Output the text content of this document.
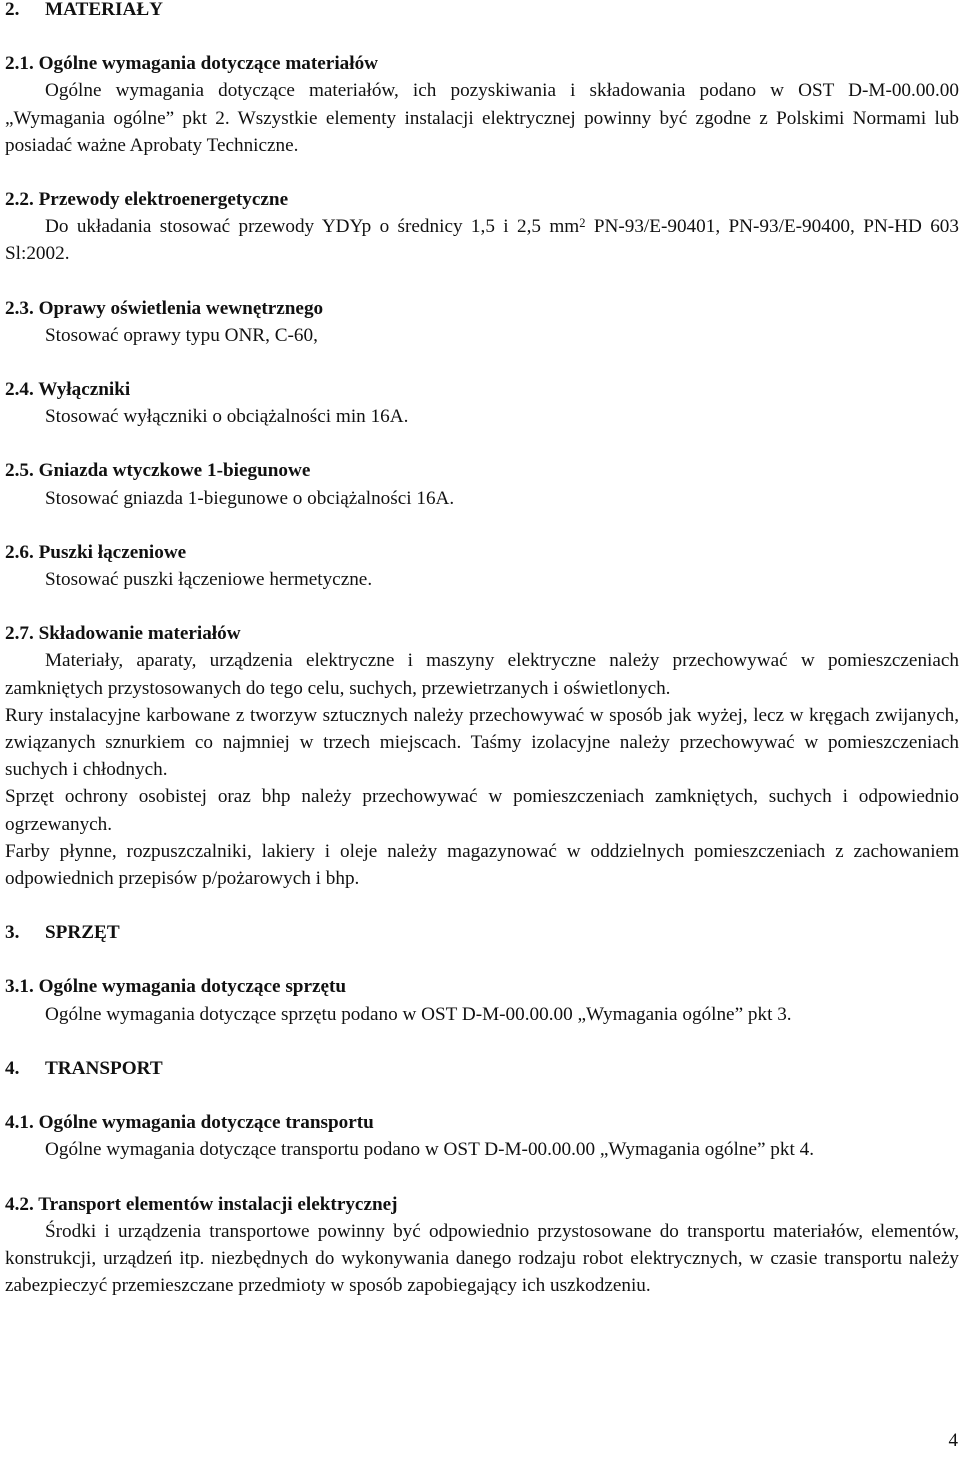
2. MATERIAŁY

2.1. Ogólne wymagania dotyczące materiałów

Ogólne wymagania dotyczące materiałów, ich pozyskiwania i składowania podano w OST D-M-00.00.00 „Wymagania ogólne” pkt 2. Wszystkie elementy instalacji elektrycznej powinny być zgodne z Polskimi Normami lub posiadać ważne Aprobaty Techniczne.

2.2. Przewody elektroenergetyczne

Do układania stosować przewody YDYp o średnicy 1,5 i 2,5 $mm^2$ PN-93/E-90401, PN-93/E-90400, PN-HD 603 Sl:2002.

2.3. Oprawy oświetlenia wewnętrznego

Stosować oprawy typu ONR, C-60,

2.4. Wyłączniki

Stosować wyłączniki o obciążalności min 16A.

2.5. Gniazda wtyczkowe 1-biegunowe

Stosować gniazda 1-biegunowe o obciążalności 16A.

2.6. Puszki łączeniowe

Stosować puszki łączeniowe hermetyczne.

2.7. Składowanie materiałów

Materiały, aparaty, urządzenia elektryczne i maszyny elektryczne należy przechowywać w pomieszczeniach zamkniętych przystosowanych do tego celu, suchych, przewietrzanych i oświetlonych.

Rury instalacyjne karbowane z tworzyw sztucznych należy przechowywać w sposób jak wyżej, lecz w kręgach zwijanych, związanych sznurkiem co najmniej w trzech miejscach. Taśmy izolacyjne należy przechowywać w pomieszczeniach suchych i chłodnych.

Sprzęt ochrony osobistej oraz bhp należy przechowywać w pomieszczeniach zamkniętych, suchych i odpowiednio ogrzewanych.

Farby płynne, rozpuszczalniki, lakiery i oleje należy magazynować w oddzielnych pomieszczeniach z zachowaniem odpowiednich przepisów p/pożarowych i bhp.

3. SPRZĘT

3.1. Ogólne wymagania dotyczące sprzętu

Ogólne wymagania dotyczące sprzętu podano w OST D-M-00.00.00 „Wymagania ogólne” pkt 3.

4. TRANSPORT

4.1. Ogólne wymagania dotyczące transportu

Ogólne wymagania dotyczące transportu podano w OST D-M-00.00.00 „Wymagania ogólne” pkt 4.

4.2. Transport elementów instalacji elektrycznej

Środki i urządzenia transportowe powinny być odpowiednio przystosowane do transportu materiałów, elementów, konstrukcji, urządzeń itp. niezbędnych do wykonywania danego rodzaju robot elektrycznych, w czasie transportu należy zabezpieczyć przemieszczane przedmioty w sposób zapobiegający ich uszkodzeniu.

4
